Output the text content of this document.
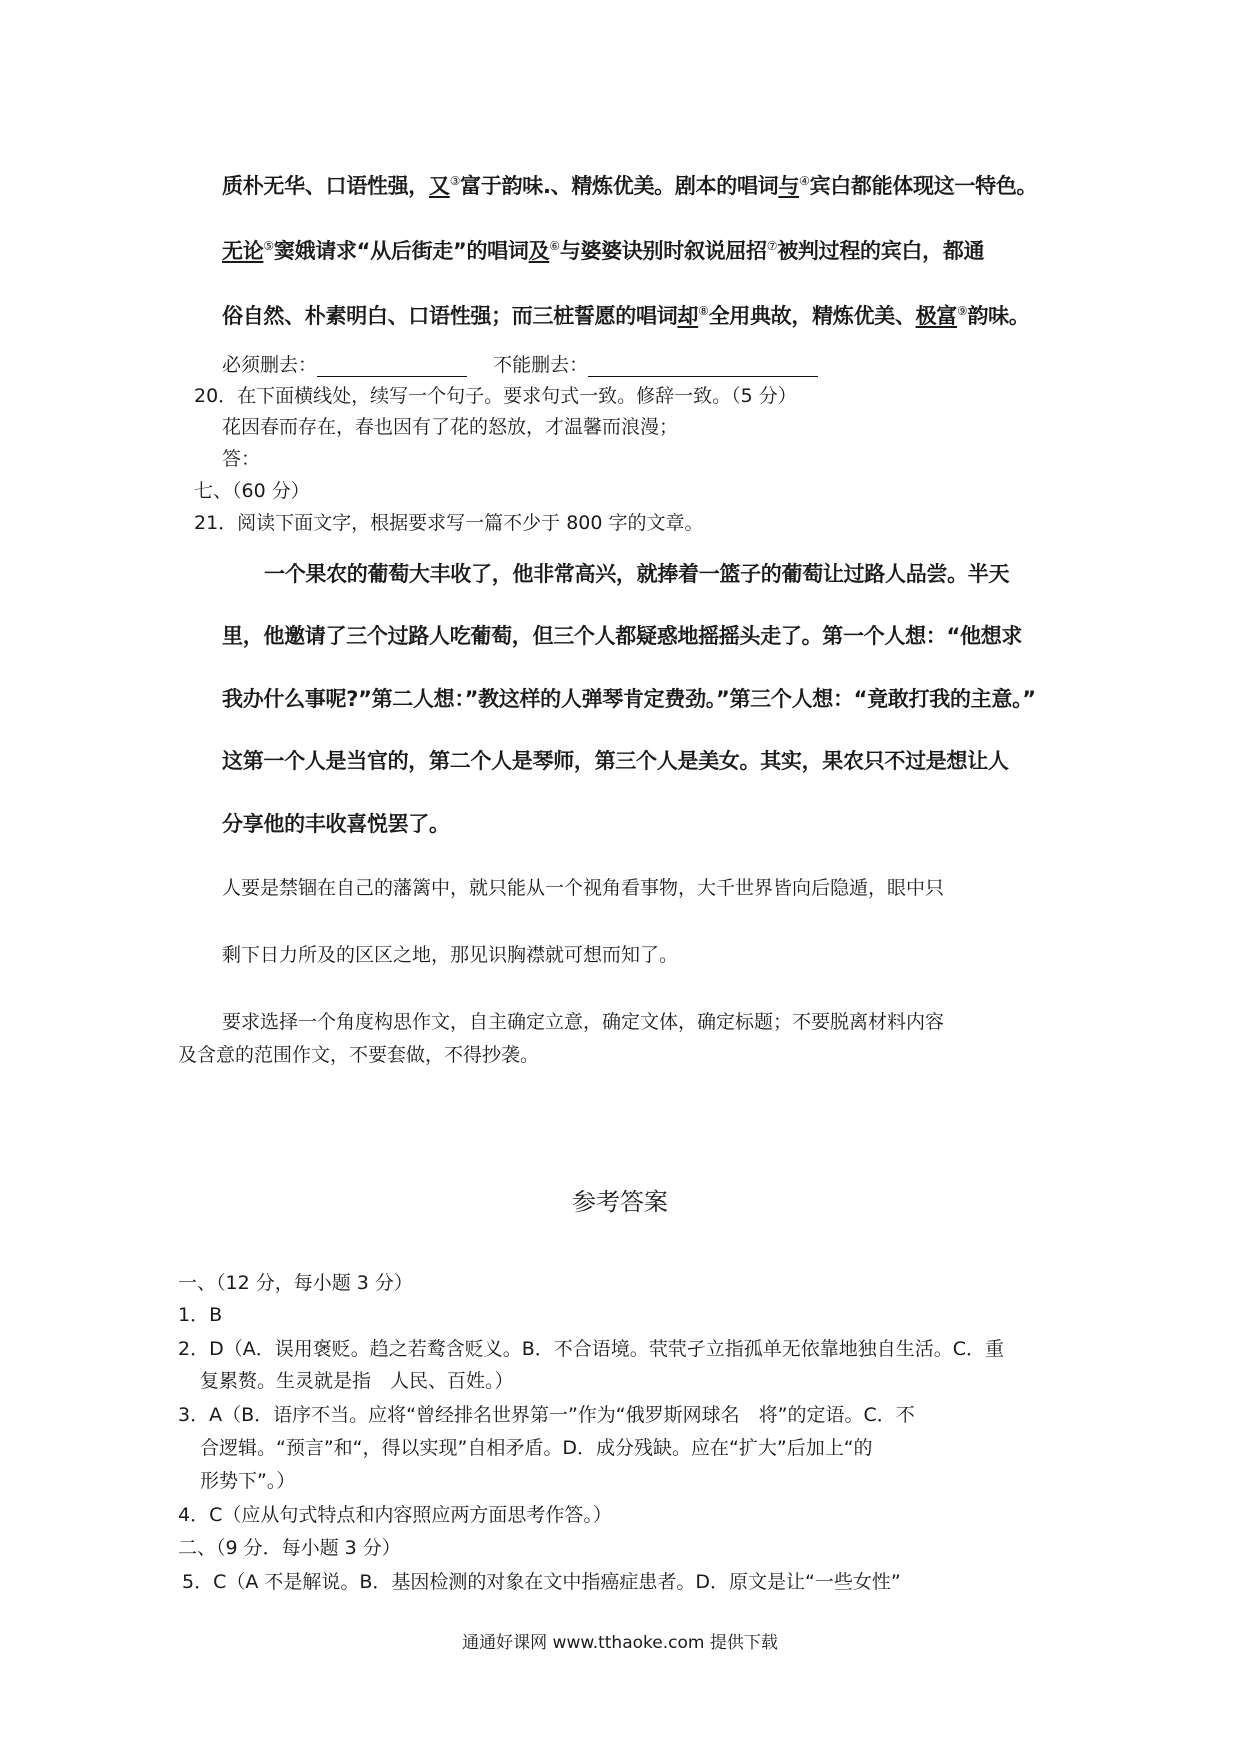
质朴无华、口语性强，又③富于韵味.、精炼优美。剧本的唱词与④宾白都能体现这一特色。
无论⑤窦娥请求“从后街走”的唱词及⑥与婆婆诀别时叙说屈招⑦被判过程的宾白，都通
俗自然、朴素明白、口语性强；而三桩誓愿的唱词却⑧全用典故，精炼优美、极富⑨韵味。
必须删去：	不能删去：
20．在下面横线处，续写一个句子。要求句式一致。修辞一致。（5 分）
花因春而存在，春也因有了花的怒放，才温馨而浪漫；
答：
七、（60 分）
21．阅读下面文字，根据要求写一篇不少于 800 字的文章。
一个果农的葡萄大丰收了，他非常高兴，就捧着一篮子的葡萄让过路人品尝。半天
里，他邀请了三个过路人吃葡萄，但三个人都疑惑地摇摇头走了。第一个人想：“他想求
我办什么事呢?”第二人想：”教这样的人弹琴肯定费劲。”第三个人想：“竟敢打我的主意。”
这第一个人是当官的，第二个人是琴师，第三个人是美女。其实，果农只不过是想让人
分享他的丰收喜悦罢了。
人要是禁锢在自己的藩篱中，就只能从一个视角看事物，大千世界皆向后隐遁，眼中只
剩下日力所及的区区之地，那见识胸襟就可想而知了。
要求选择一个角度构思作文，自主确定立意，确定文体，确定标题；不要脱离材料内容
及含意的范围作文，不要套做，不得抄袭。
参考答案
一、（12 分，每小题 3 分）
1．B
2．D（A．误用褒贬。趋之若鹜含贬义。B．不合语境。茕茕孑立指孤单无依靠地独自生活。C．重
复累赘。生灵就是指　人民、百姓。）
3．A（B．语序不当。应将“曾经排名世界第一”作为“俄罗斯网球名　将”的定语。C．不
合逻辑。“预言”和“，得以实现”自相矛盾。D．成分残缺。应在“扩大”后加上“的
形势下”。）
4．C（应从句式特点和内容照应两方面思考作答。）
二、（9 分．每小题 3 分）
5．C（A 不是解说。B．基因检测的对象在文中指癌症患者。D．原文是让“一些女性”
通通好课网 www.tthaoke.com 提供下载
